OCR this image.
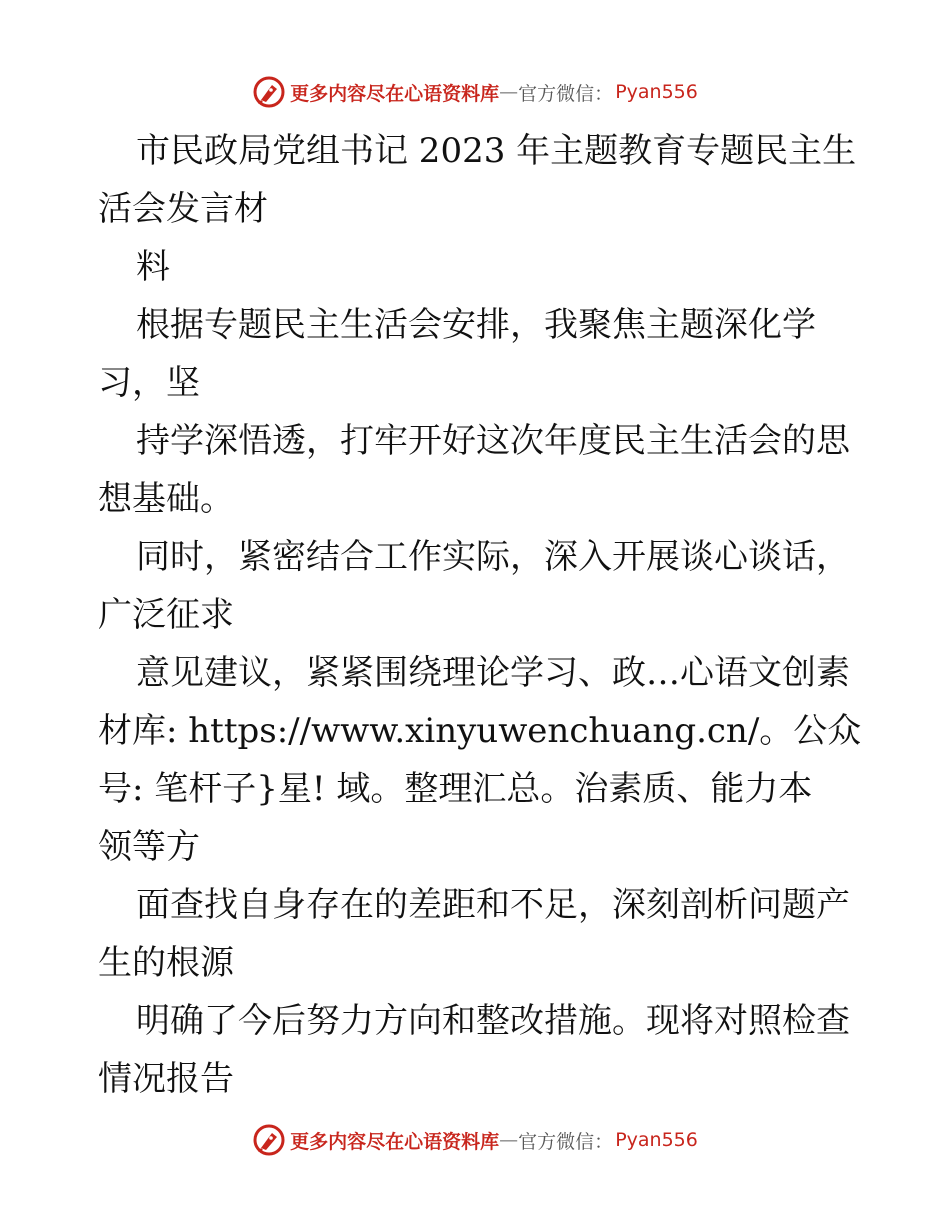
更多内容尽在心语资料库 — 官方微信： Pyan556
市民政局党组书记 2023 年主题教育专题民主生
活会发言材
料
根据专题民主生活会安排，我聚焦主题深化学
习，坚
持学深悟透，打牢开好这次年度民主生活会的思
想基础。
同时，紧密结合工作实际，深入开展谈心谈话，
广泛征求
意见建议，紧紧围绕理论学习、政…心语文创素
材库: https://www.xinyuwenchuang.cn/。公众
号: 笔杆子}星! 域。整理汇总。治素质、能力本
领等方
面查找自身存在的差距和不足，深刻剖析问题产
生的根源
明确了今后努力方向和整改措施。现将对照检查
情况报告
更多内容尽在心语资料库 — 官方微信： Pyan556
